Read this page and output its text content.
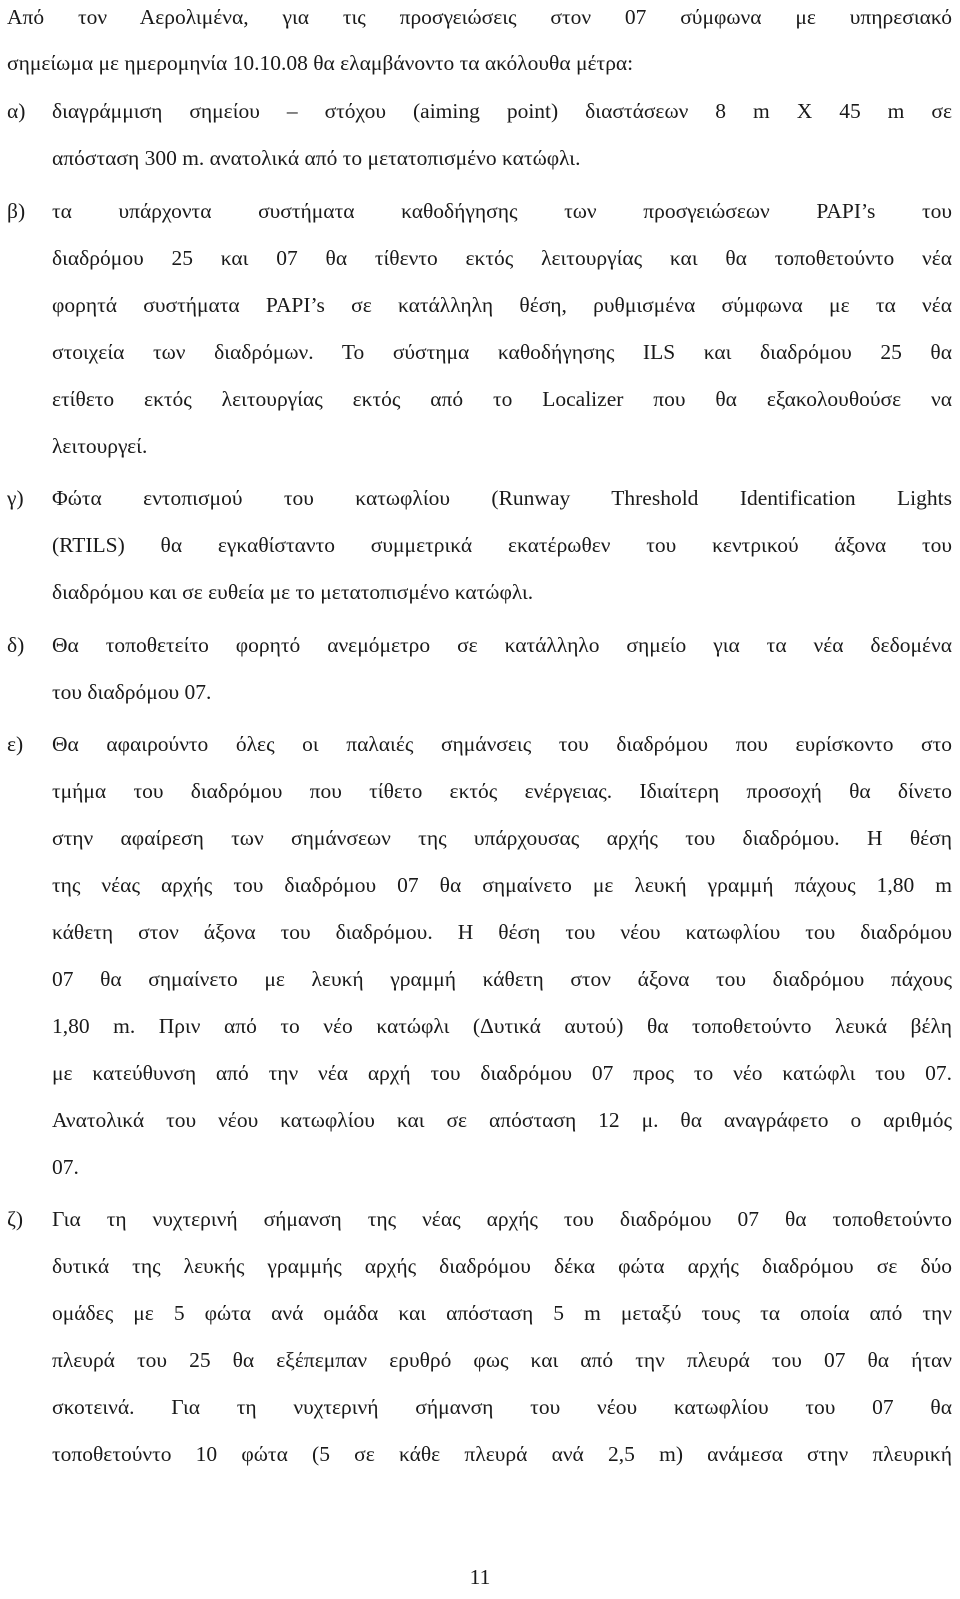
Από τον Αερολιμένα, για τις προσγειώσεις στον 07 σύμφωνα με υπηρεσιακό
σημείωμα με ημερομηνία 10.10.08 θα ελαμβάνοντο τα ακόλουθα μέτρα:
α)	διαγράμμιση σημείου – στόχου (aiming point) διαστάσεων 8 m X 45 m σε
απόσταση 300 m. ανατολικά από το μετατοπισμένο κατώφλι.
β)	τα υπάρχοντα συστήματα καθοδήγησης των προσγειώσεων PAPI’s του
διαδρόμου 25 και 07 θα τίθεντο εκτός λειτουργίας και θα τοποθετούντο νέα
φορητά συστήματα PAPI’s σε κατάλληλη θέση, ρυθμισμένα σύμφωνα με τα νέα
στοιχεία των διαδρόμων. Το σύστημα καθοδήγησης ILS και διαδρόμου 25 θα
ετίθετο εκτός λειτουργίας εκτός από το Localizer που θα εξακολουθούσε να
λειτουργεί.
γ)	Φώτα εντοπισμού του κατωφλίου (Runway Threshold Identification Lights
(RTILS) θα εγκαθίσταντο συμμετρικά εκατέρωθεν του κεντρικού άξονα του
διαδρόμου και σε ευθεία με το μετατοπισμένο κατώφλι.
δ)	Θα τοποθετείτο φορητό ανεμόμετρο σε κατάλληλο σημείο για τα νέα δεδομένα
του διαδρόμου 07.
ε)	Θα αφαιρούντο όλες οι παλαιές σημάνσεις του διαδρόμου που ευρίσκοντο στο
τμήμα του διαδρόμου που τίθετο εκτός ενέργειας. Ιδιαίτερη προσοχή θα δίνετο
στην αφαίρεση των σημάνσεων της υπάρχουσας αρχής του διαδρόμου. Η θέση
της νέας αρχής του διαδρόμου 07 θα σημαίνετο με λευκή γραμμή πάχους 1,80 m
κάθετη στον άξονα του διαδρόμου. Η θέση του νέου κατωφλίου του διαδρόμου
07 θα σημαίνετο με λευκή γραμμή κάθετη στον άξονα του διαδρόμου πάχους
1,80 m. Πριν από το νέο κατώφλι (Δυτικά αυτού) θα τοποθετούντο λευκά βέλη
με κατεύθυνση από την νέα αρχή του διαδρόμου 07 προς το νέο κατώφλι του 07.
Ανατολικά του νέου κατωφλίου και σε απόσταση 12 μ. θα αναγράφετο ο αριθμός
07.
ζ)	Για τη νυχτερινή σήμανση της νέας αρχής του διαδρόμου 07 θα τοποθετούντο
δυτικά της λευκής γραμμής αρχής διαδρόμου δέκα φώτα αρχής διαδρόμου σε δύο
ομάδες με 5 φώτα ανά ομάδα και απόσταση 5 m μεταξύ τους τα οποία από την
πλευρά του 25 θα εξέπεμπαν ερυθρό φως και από την πλευρά του 07 θα ήταν
σκοτεινά. Για τη νυχτερινή σήμανση του νέου κατωφλίου του 07 θα
τοποθετούντο 10 φώτα (5 σε κάθε πλευρά ανά 2,5 m) ανάμεσα στην πλευρική
11
